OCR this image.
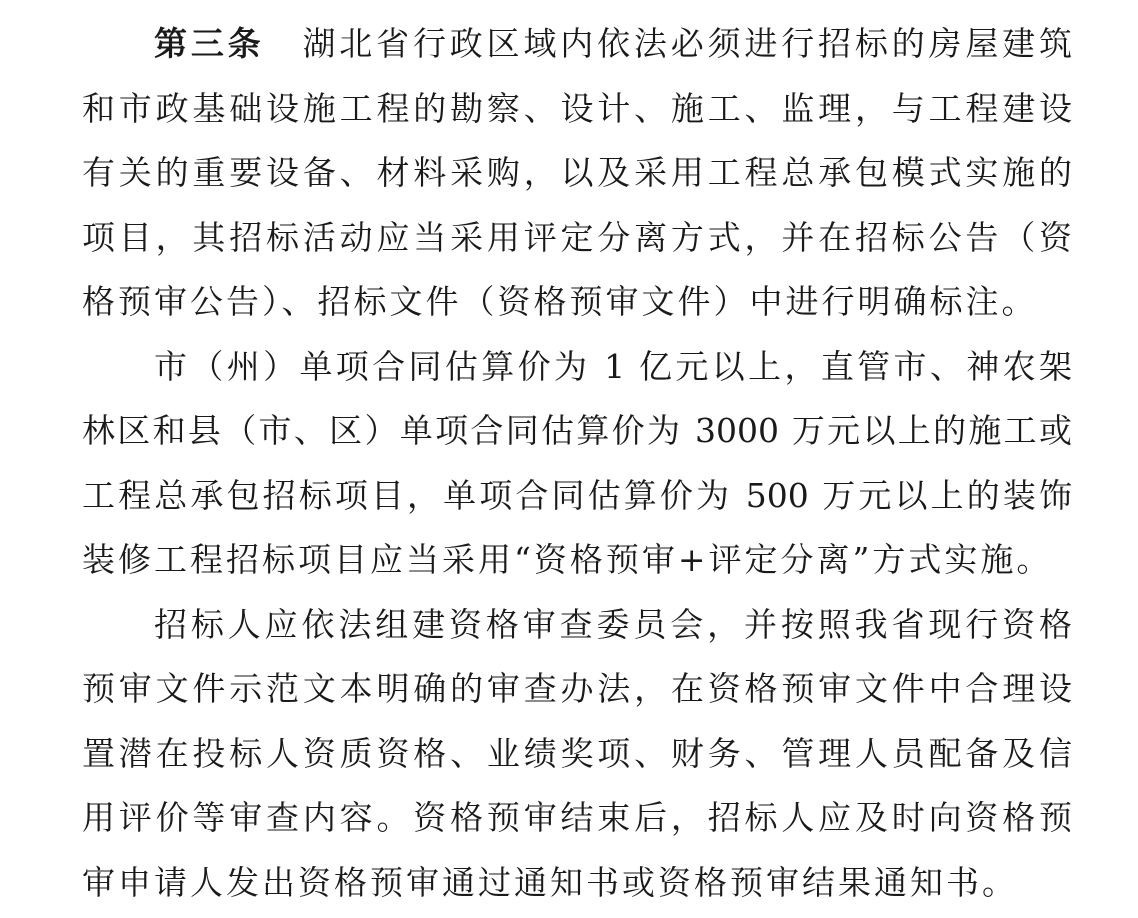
第三条 湖北省行政区域内依法必须进行招标的房屋建筑
和市政基础设施工程的勘察、设计、施工、监理，与工程建设
有关的重要设备、材料采购，以及采用工程总承包模式实施的
项目，其招标活动应当采用评定分离方式，并在招标公告（资
格预审公告）、招标文件（资格预审文件）中进行明确标注。
市（州）单项合同估算价为 1 亿元以上，直管市、神农架
林区和县（市、区）单项合同估算价为 3000 万元以上的施工或
工程总承包招标项目，单项合同估算价为 500 万元以上的装饰
装修工程招标项目应当采用“资格预审+评定分离”方式实施。
招标人应依法组建资格审查委员会，并按照我省现行资格
预审文件示范文本明确的审查办法，在资格预审文件中合理设
置潜在投标人资质资格、业绩奖项、财务、管理人员配备及信
用评价等审查内容。资格预审结束后，招标人应及时向资格预
审申请人发出资格预审通过通知书或资格预审结果通知书。
